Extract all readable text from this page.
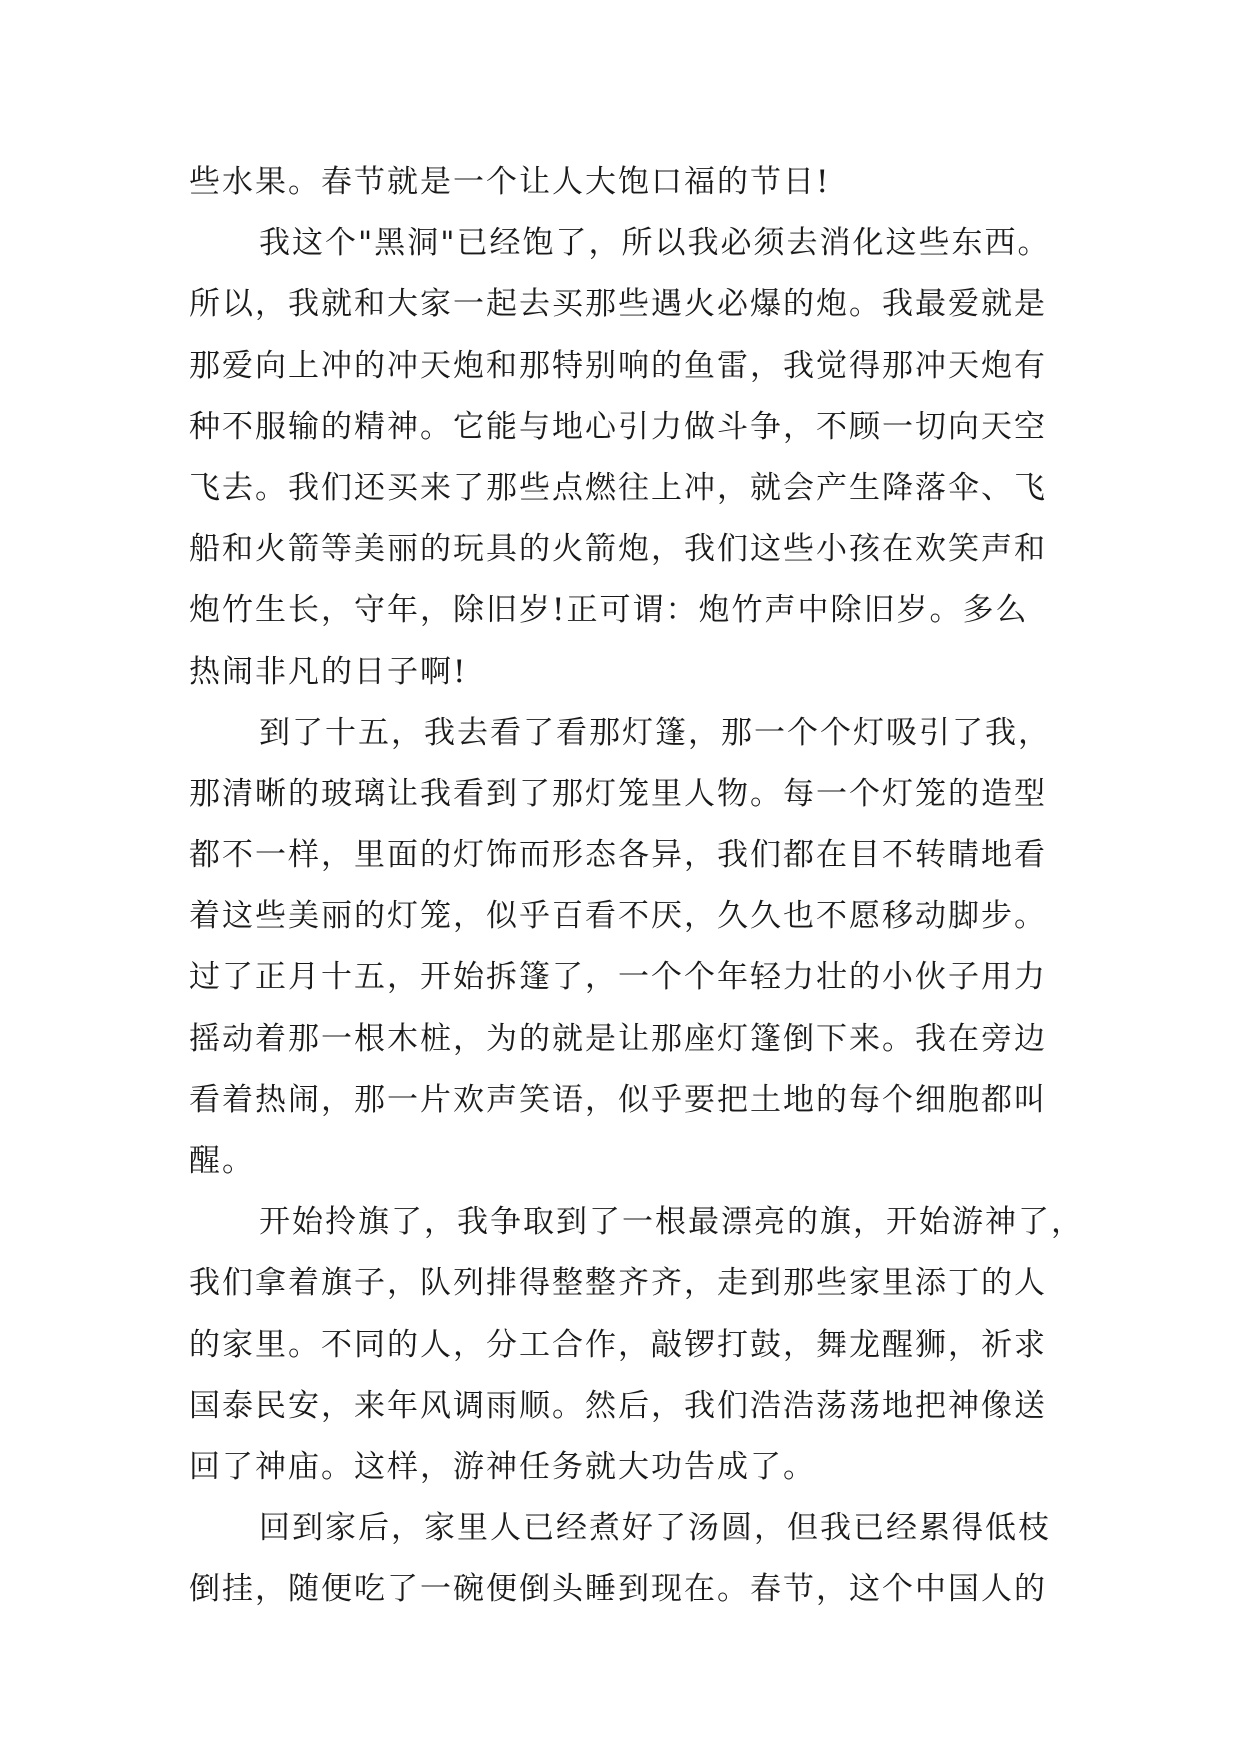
些水果。春节就是一个让人大饱口福的节日!
我这个"黑洞"已经饱了，所以我必须去消化这些东西。
所以，我就和大家一起去买那些遇火必爆的炮。我最爱就是
那爱向上冲的冲天炮和那特别响的鱼雷，我觉得那冲天炮有
种不服输的精神。它能与地心引力做斗争，不顾一切向天空
飞去。我们还买来了那些点燃往上冲，就会产生降落伞、飞
船和火箭等美丽的玩具的火箭炮，我们这些小孩在欢笑声和
炮竹生长，守年，除旧岁!正可谓：炮竹声中除旧岁。多么
热闹非凡的日子啊!
到了十五，我去看了看那灯篷，那一个个灯吸引了我，
那清晰的玻璃让我看到了那灯笼里人物。每一个灯笼的造型
都不一样，里面的灯饰而形态各异，我们都在目不转睛地看
着这些美丽的灯笼，似乎百看不厌，久久也不愿移动脚步。
过了正月十五，开始拆篷了，一个个年轻力壮的小伙子用力
摇动着那一根木桩，为的就是让那座灯篷倒下来。我在旁边
看着热闹，那一片欢声笑语，似乎要把土地的每个细胞都叫
醒。
开始拎旗了，我争取到了一根最漂亮的旗，开始游神了，
我们拿着旗子，队列排得整整齐齐，走到那些家里添丁的人
的家里。不同的人，分工合作，敲锣打鼓，舞龙醒狮，祈求
国泰民安，来年风调雨顺。然后，我们浩浩荡荡地把神像送
回了神庙。这样，游神任务就大功告成了。
回到家后，家里人已经煮好了汤圆，但我已经累得低枝
倒挂，随便吃了一碗便倒头睡到现在。春节，这个中国人的
